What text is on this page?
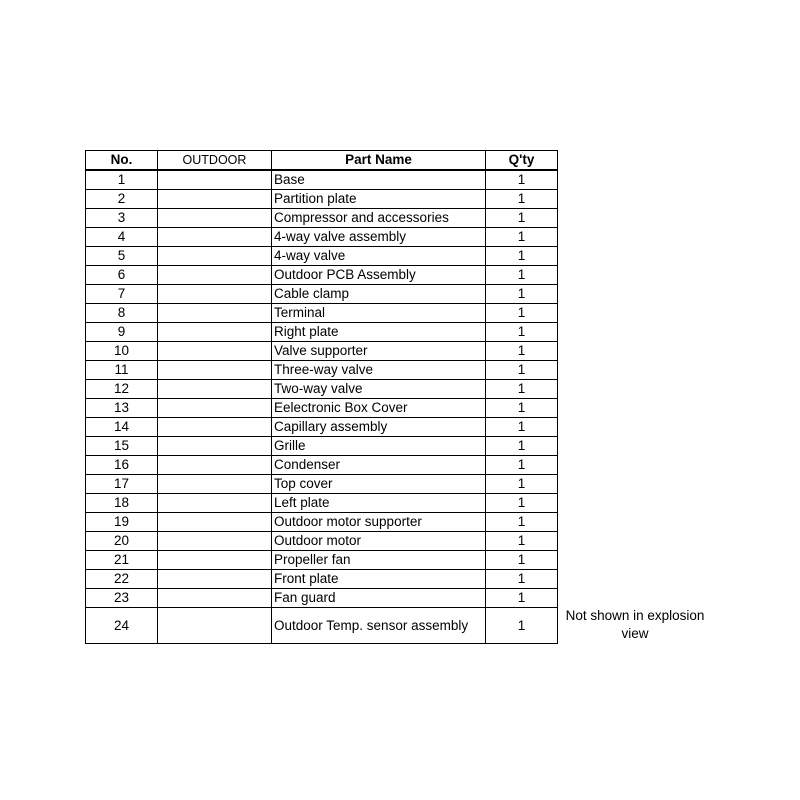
No.	OUTDOOR	Part Name	Q'ty
1		Base	1
2		Partition plate	1
3		Compressor and accessories	1
4		4-way valve assembly	1
5		4-way valve	1
6		Outdoor PCB Assembly	1
7		Cable clamp	1
8		Terminal	1
9		Right plate	1
10		Valve supporter	1
11		Three-way valve	1
12		Two-way valve	1
13		Eelectronic Box Cover	1
14		Capillary assembly	1
15		Grille	1
16		Condenser	1
17		Top cover	1
18		Left plate	1
19		Outdoor motor supporter	1
20		Outdoor motor	1
21		Propeller fan	1
22		Front plate	1
23		Fan guard	1
24		Outdoor Temp. sensor assembly	1
Not shown in explosion view
